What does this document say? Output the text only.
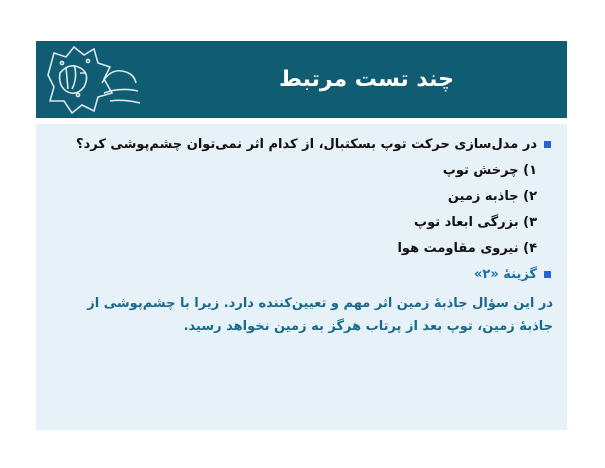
چند تست مرتبط
در مدل‌سازی حرکت توپ بسکتبال، از کدام اثر نمی‌توان چشم‌پوشی کرد؟
۱) چرخش توپ
۲) جاذبه زمین
۳) بزرگی ابعاد توپ
۴) نیروی مقاومت هوا
گزینهٔ «۲»
در این سؤال جاذبهٔ زمین اثر مهم و تعیین‌کننده دارد. زیرا با چشم‌پوشی از جاذبهٔ زمین، توپ بعد از پرتاب هرگز به زمین نخواهد رسید.
